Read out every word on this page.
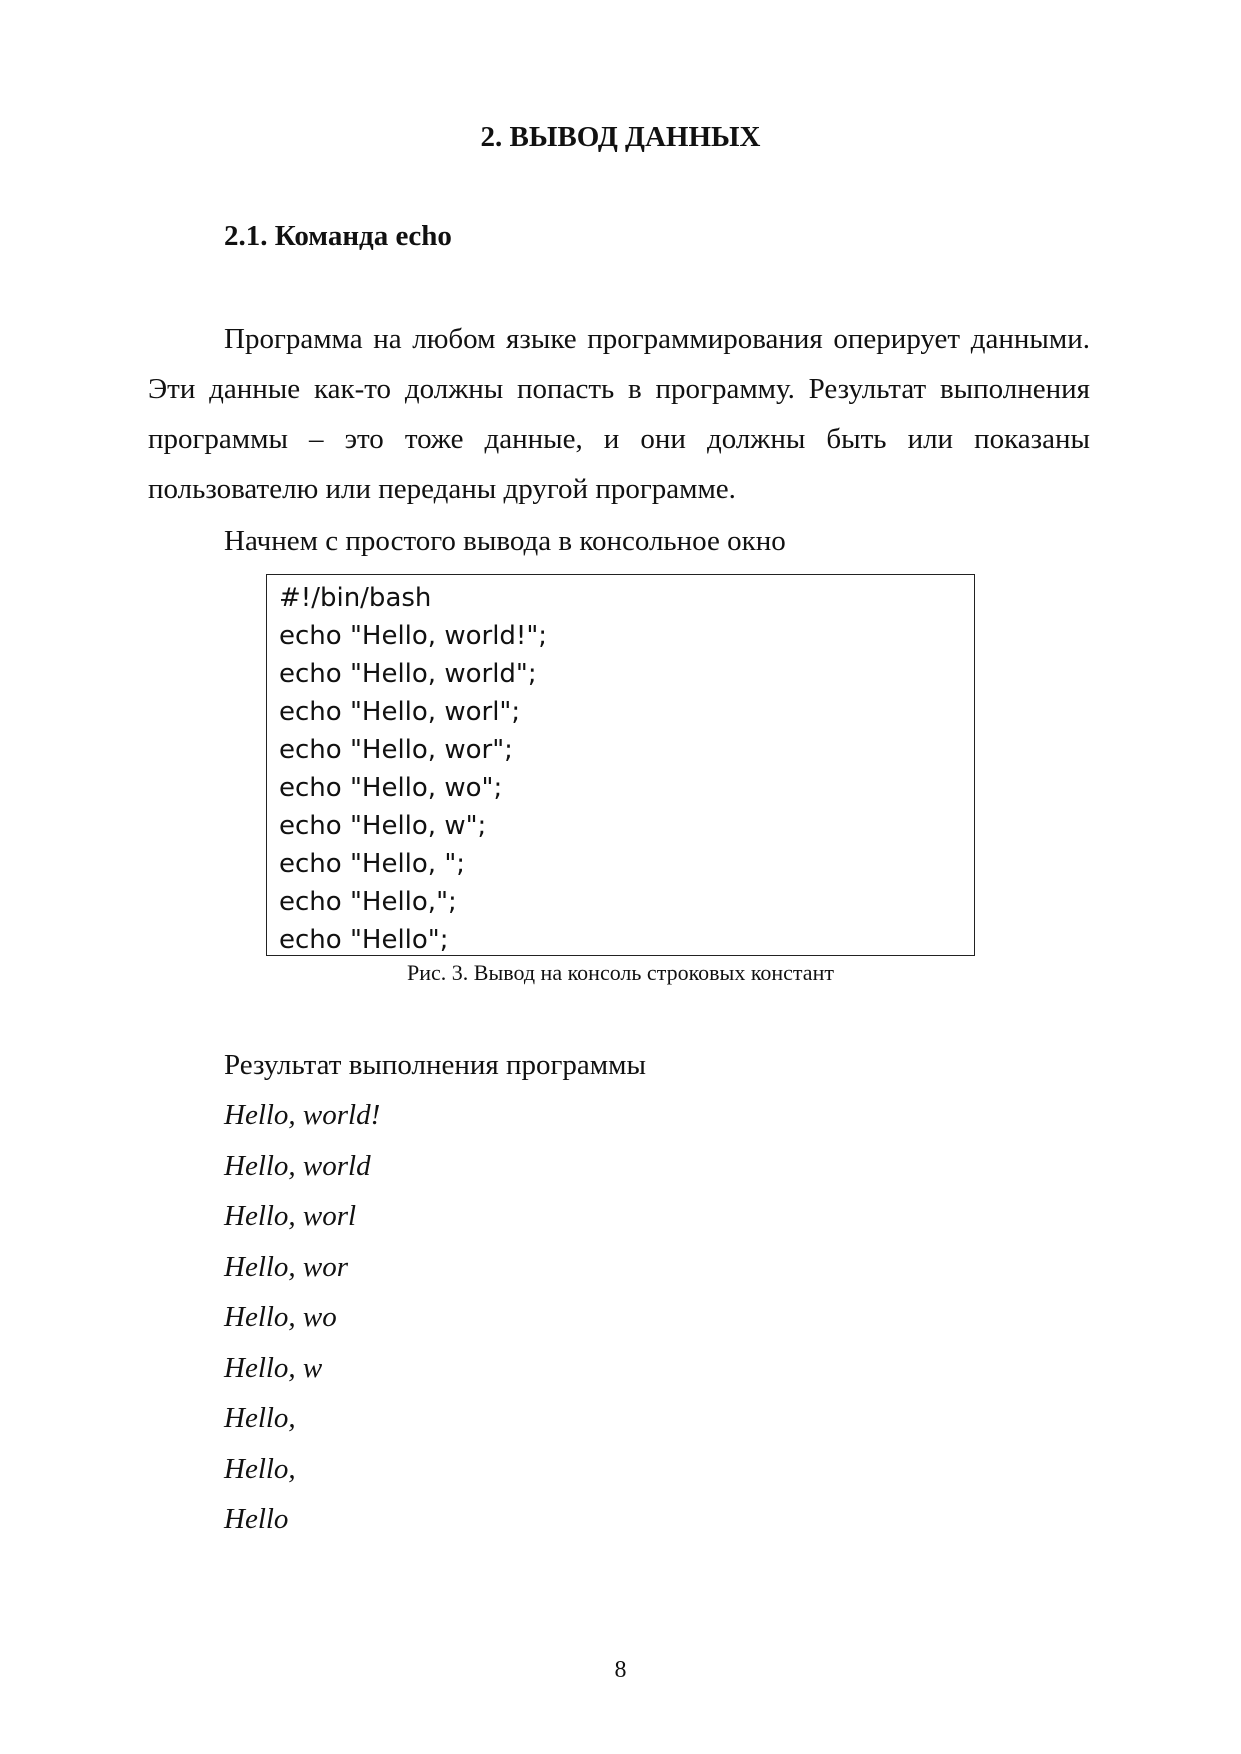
2. ВЫВОД ДАННЫХ
2.1. Команда echo

Программа на любом языке программирования оперирует данными. Эти данные как-то должны попасть в программу. Результат выполнения программы – это тоже данные, и они должны быть или показаны пользователю или переданы другой программе.

Начнем с простого вывода в консольное окно

#!/bin/bash
echo "Hello, world!";
echo "Hello, world";
echo "Hello, worl";
echo "Hello, wor";
echo "Hello, wo";
echo "Hello, w";
echo "Hello, ";
echo "Hello,";
echo "Hello";

Рис. 3. Вывод на консоль строковых констант

Результат выполнения программы

Hello, world!
Hello, world
Hello, worl
Hello, wor
Hello, wo
Hello, w
Hello,
Hello,
Hello

8
